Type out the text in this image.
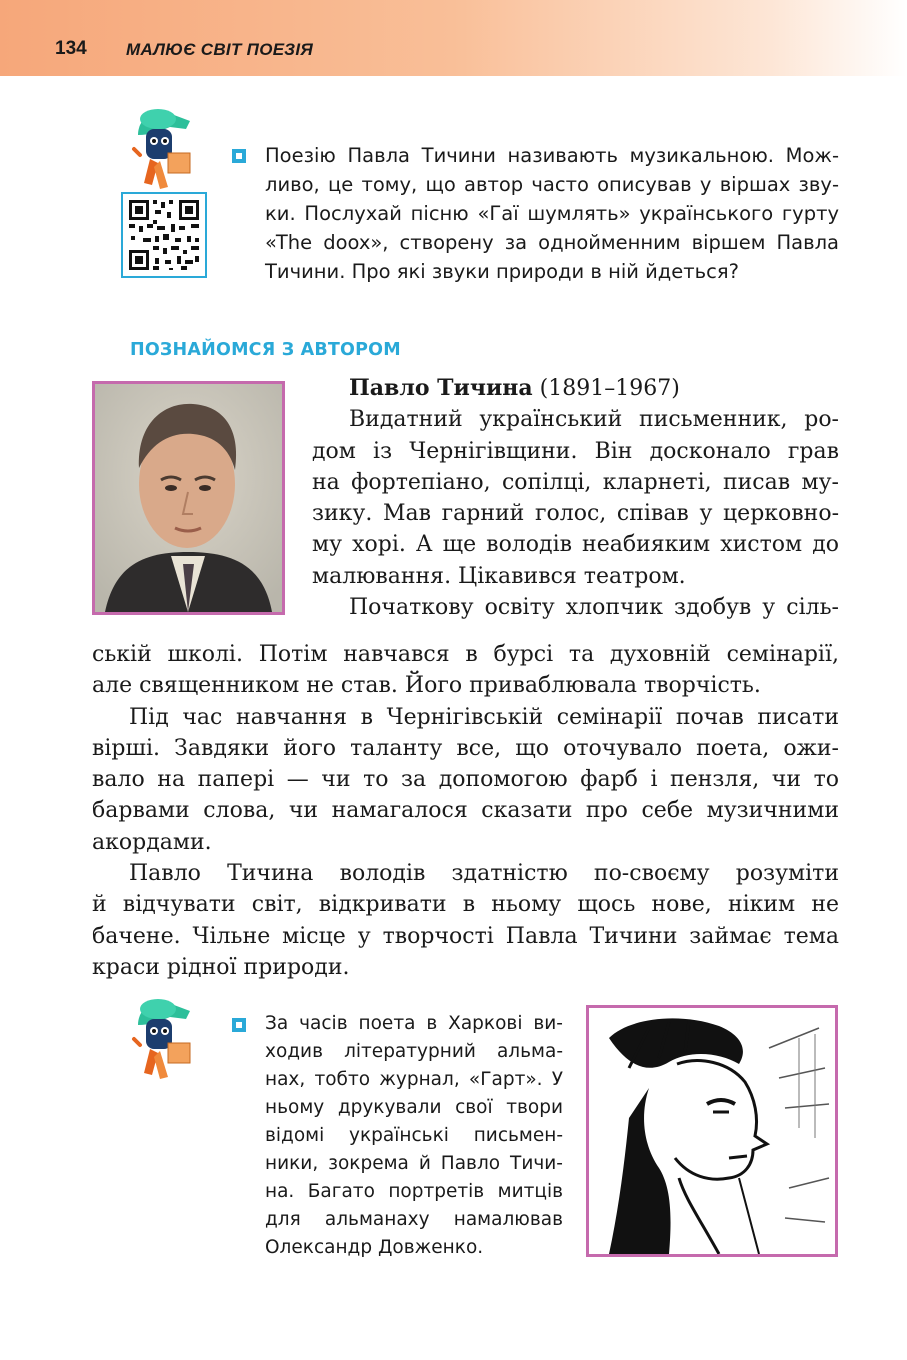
134 МАЛЮЄ СВІТ ПОЕЗІЯ
Поезію Павла Тичини називають музикальною. Мож-
ливо, це тому, що автор часто описував у віршах зву-
ки. Послухай пісню «Гаї шумлять» українського гурту
«The doox», створену за однойменним віршем Павла
Тичини. Про які звуки природи в ній йдеться?
ПОЗНАЙОМСЯ З АВТОРОМ
Павло Тичина (1891–1967)
Видатний український письменник, ро-
дом із Чернігівщини. Він досконало грав
на фортепіано, сопілці, кларнеті, писав му-
зику. Мав гарний голос, співав у церковно-
му хорі. А ще володів неабияким хистом до
малювання. Цікавився театром.
Початкову освіту хлопчик здобув у сіль-
ській школі. Потім навчався в бурсі та духовній семінарії,
але священником не став. Його приваблювала творчість.
Під час навчання в Чернігівській семінарії почав писати
вірші. Завдяки його таланту все, що оточувало поета, ожи-
вало на папері — чи то за допомогою фарб і пензля, чи то
барвами слова, чи намагалося сказати про себе музичними
акордами.
Павло Тичина володів здатністю по-своєму розуміти
й відчувати світ, відкривати в ньому щось нове, ніким не
бачене. Чільне місце у творчості Павла Тичини займає тема
краси рідної природи.
За часів поета в Харкові ви-
ходив літературний альма-
нах, тобто журнал, «Гарт». У
ньому друкували свої твори
відомі українські письмен-
ники, зокрема й Павло Тичи-
на. Багато портретів митців
для альманаху намалював
Олександр Довженко.
